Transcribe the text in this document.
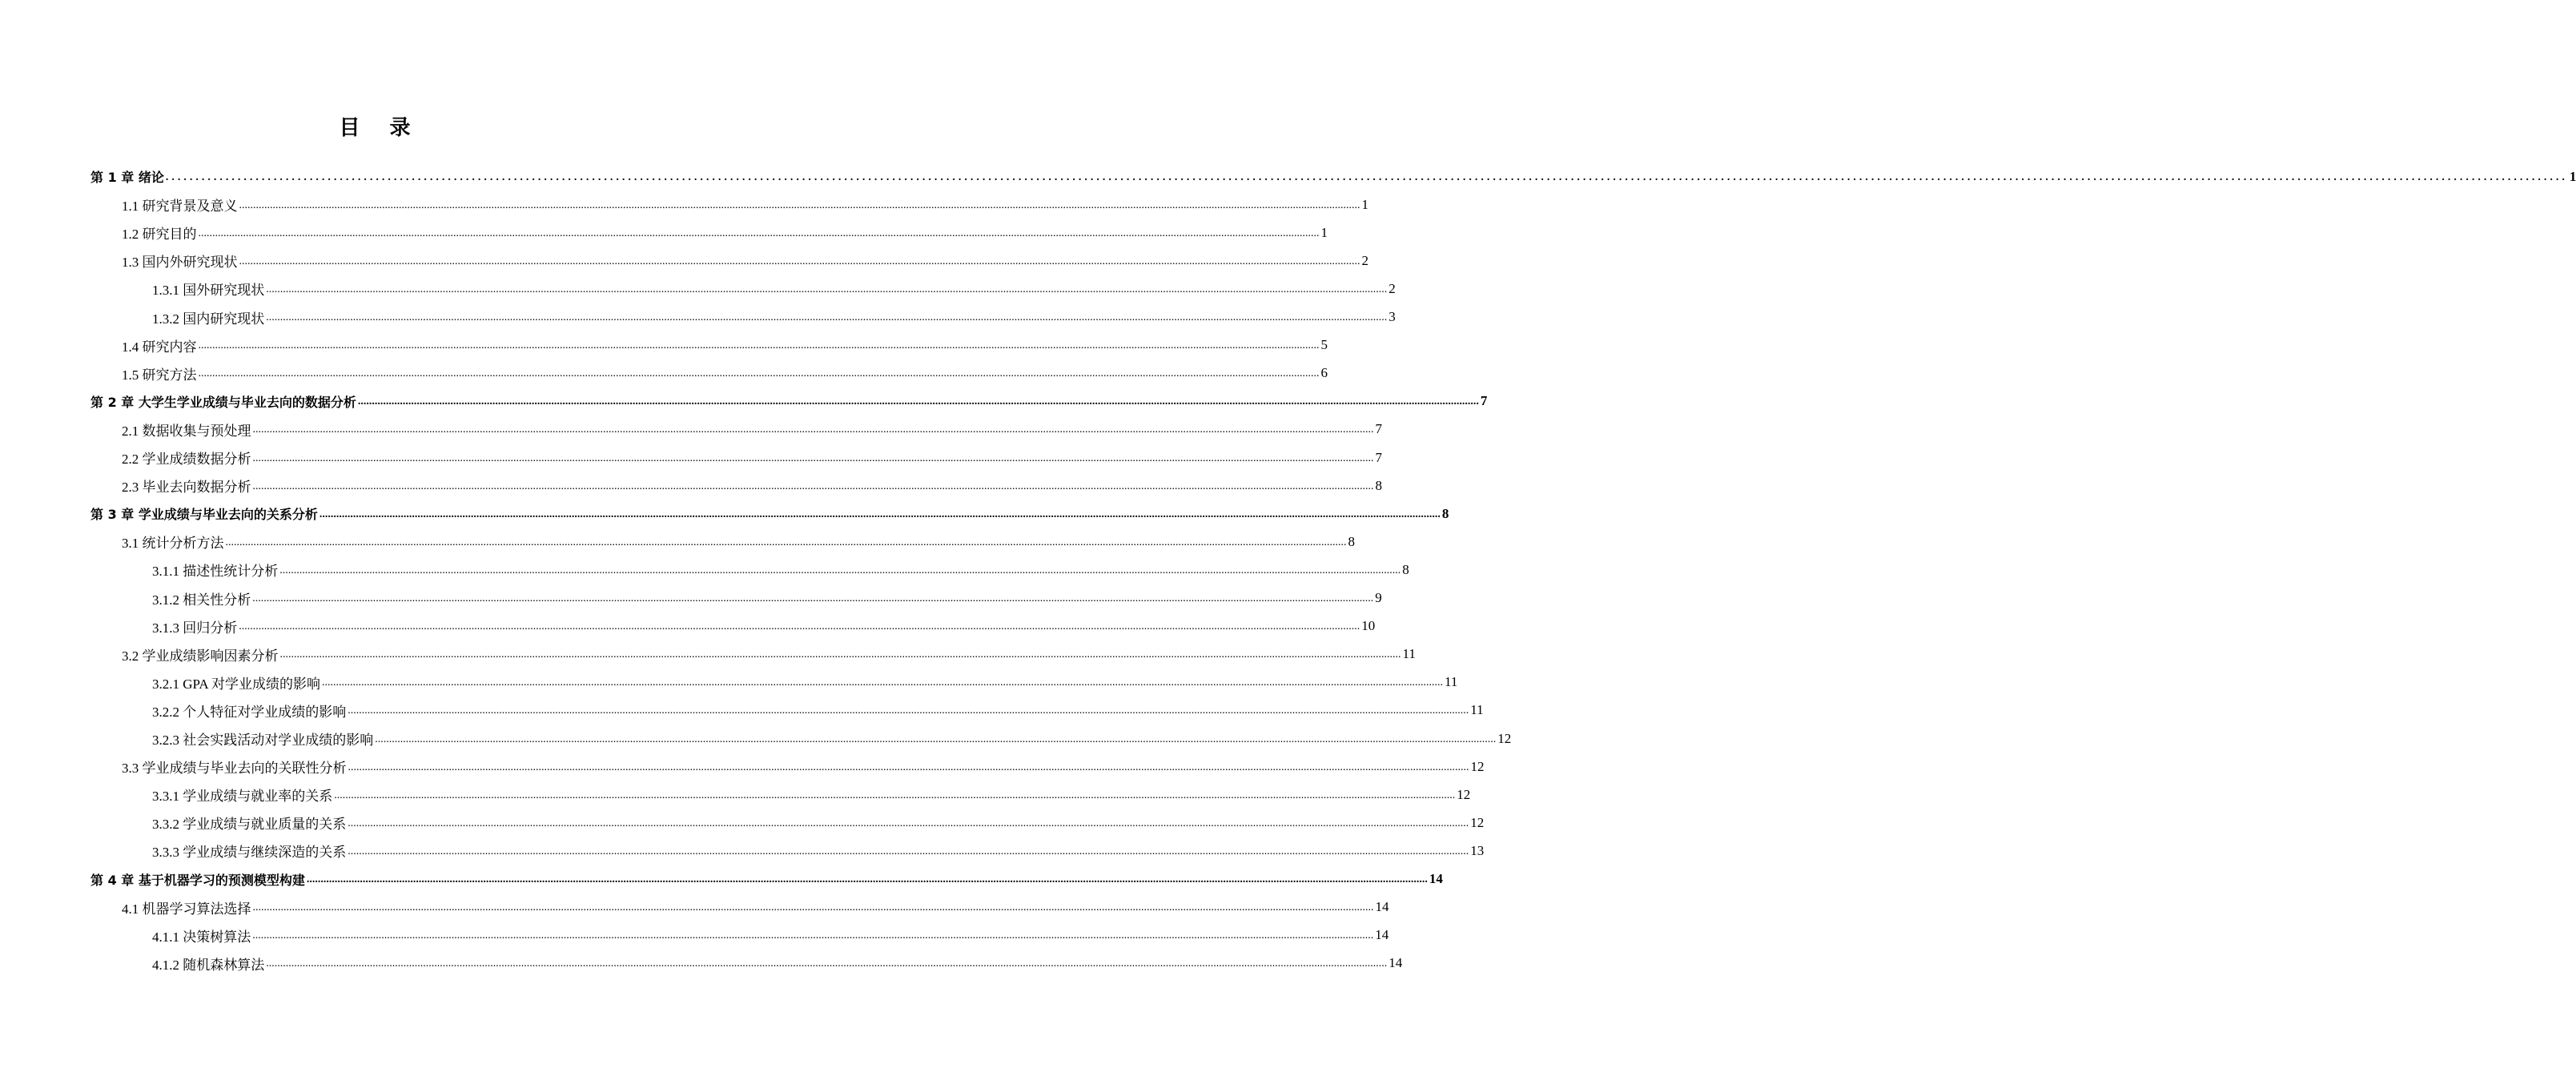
目 录
第 1 章 绪论 ................................................................................................................................................................................................................................................................................................................................................................................................................ 1
1.1 研究背景及意义 ................................................................................................................................................................................................................................................................................................................................................................................................................ 1
1.2 研究目的 ................................................................................................................................................................................................................................................................................................................................................................................................................ 1
1.3 国内外研究现状 ................................................................................................................................................................................................................................................................................................................................................................................................................ 2
1.3.1 国外研究现状 ................................................................................................................................................................................................................................................................................................................................................................................................................ 2
1.3.2 国内研究现状 ................................................................................................................................................................................................................................................................................................................................................................................................................ 3
1.4 研究内容 ................................................................................................................................................................................................................................................................................................................................................................................................................ 5
1.5 研究方法 ................................................................................................................................................................................................................................................................................................................................................................................................................ 6
第 2 章 大学生学业成绩与毕业去向的数据分析 ................................................................................................................................................................................................................................................................................................................................................................................................................ 7
2.1 数据收集与预处理 ................................................................................................................................................................................................................................................................................................................................................................................................................ 7
2.2 学业成绩数据分析 ................................................................................................................................................................................................................................................................................................................................................................................................................ 7
2.3 毕业去向数据分析 ................................................................................................................................................................................................................................................................................................................................................................................................................ 8
第 3 章 学业成绩与毕业去向的关系分析 ................................................................................................................................................................................................................................................................................................................................................................................................................ 8
3.1 统计分析方法 ................................................................................................................................................................................................................................................................................................................................................................................................................ 8
3.1.1 描述性统计分析 ................................................................................................................................................................................................................................................................................................................................................................................................................ 8
3.1.2 相关性分析 ................................................................................................................................................................................................................................................................................................................................................................................................................ 9
3.1.3 回归分析 ................................................................................................................................................................................................................................................................................................................................................................................................................ 10
3.2 学业成绩影响因素分析 ................................................................................................................................................................................................................................................................................................................................................................................................................ 11
3.2.1 GPA 对学业成绩的影响 ................................................................................................................................................................................................................................................................................................................................................................................................................ 11
3.2.2 个人特征对学业成绩的影响 ................................................................................................................................................................................................................................................................................................................................................................................................................ 11
3.2.3 社会实践活动对学业成绩的影响 ................................................................................................................................................................................................................................................................................................................................................................................................................ 12
3.3 学业成绩与毕业去向的关联性分析 ................................................................................................................................................................................................................................................................................................................................................................................................................ 12
3.3.1 学业成绩与就业率的关系 ................................................................................................................................................................................................................................................................................................................................................................................................................ 12
3.3.2 学业成绩与就业质量的关系 ................................................................................................................................................................................................................................................................................................................................................................................................................ 12
3.3.3 学业成绩与继续深造的关系 ................................................................................................................................................................................................................................................................................................................................................................................................................ 13
第 4 章 基于机器学习的预测模型构建 ................................................................................................................................................................................................................................................................................................................................................................................................................ 14
4.1 机器学习算法选择 ................................................................................................................................................................................................................................................................................................................................................................................................................ 14
4.1.1 决策树算法 ................................................................................................................................................................................................................................................................................................................................................................................................................ 14
4.1.2 随机森林算法 ................................................................................................................................................................................................................................................................................................................................................................................................................ 14
